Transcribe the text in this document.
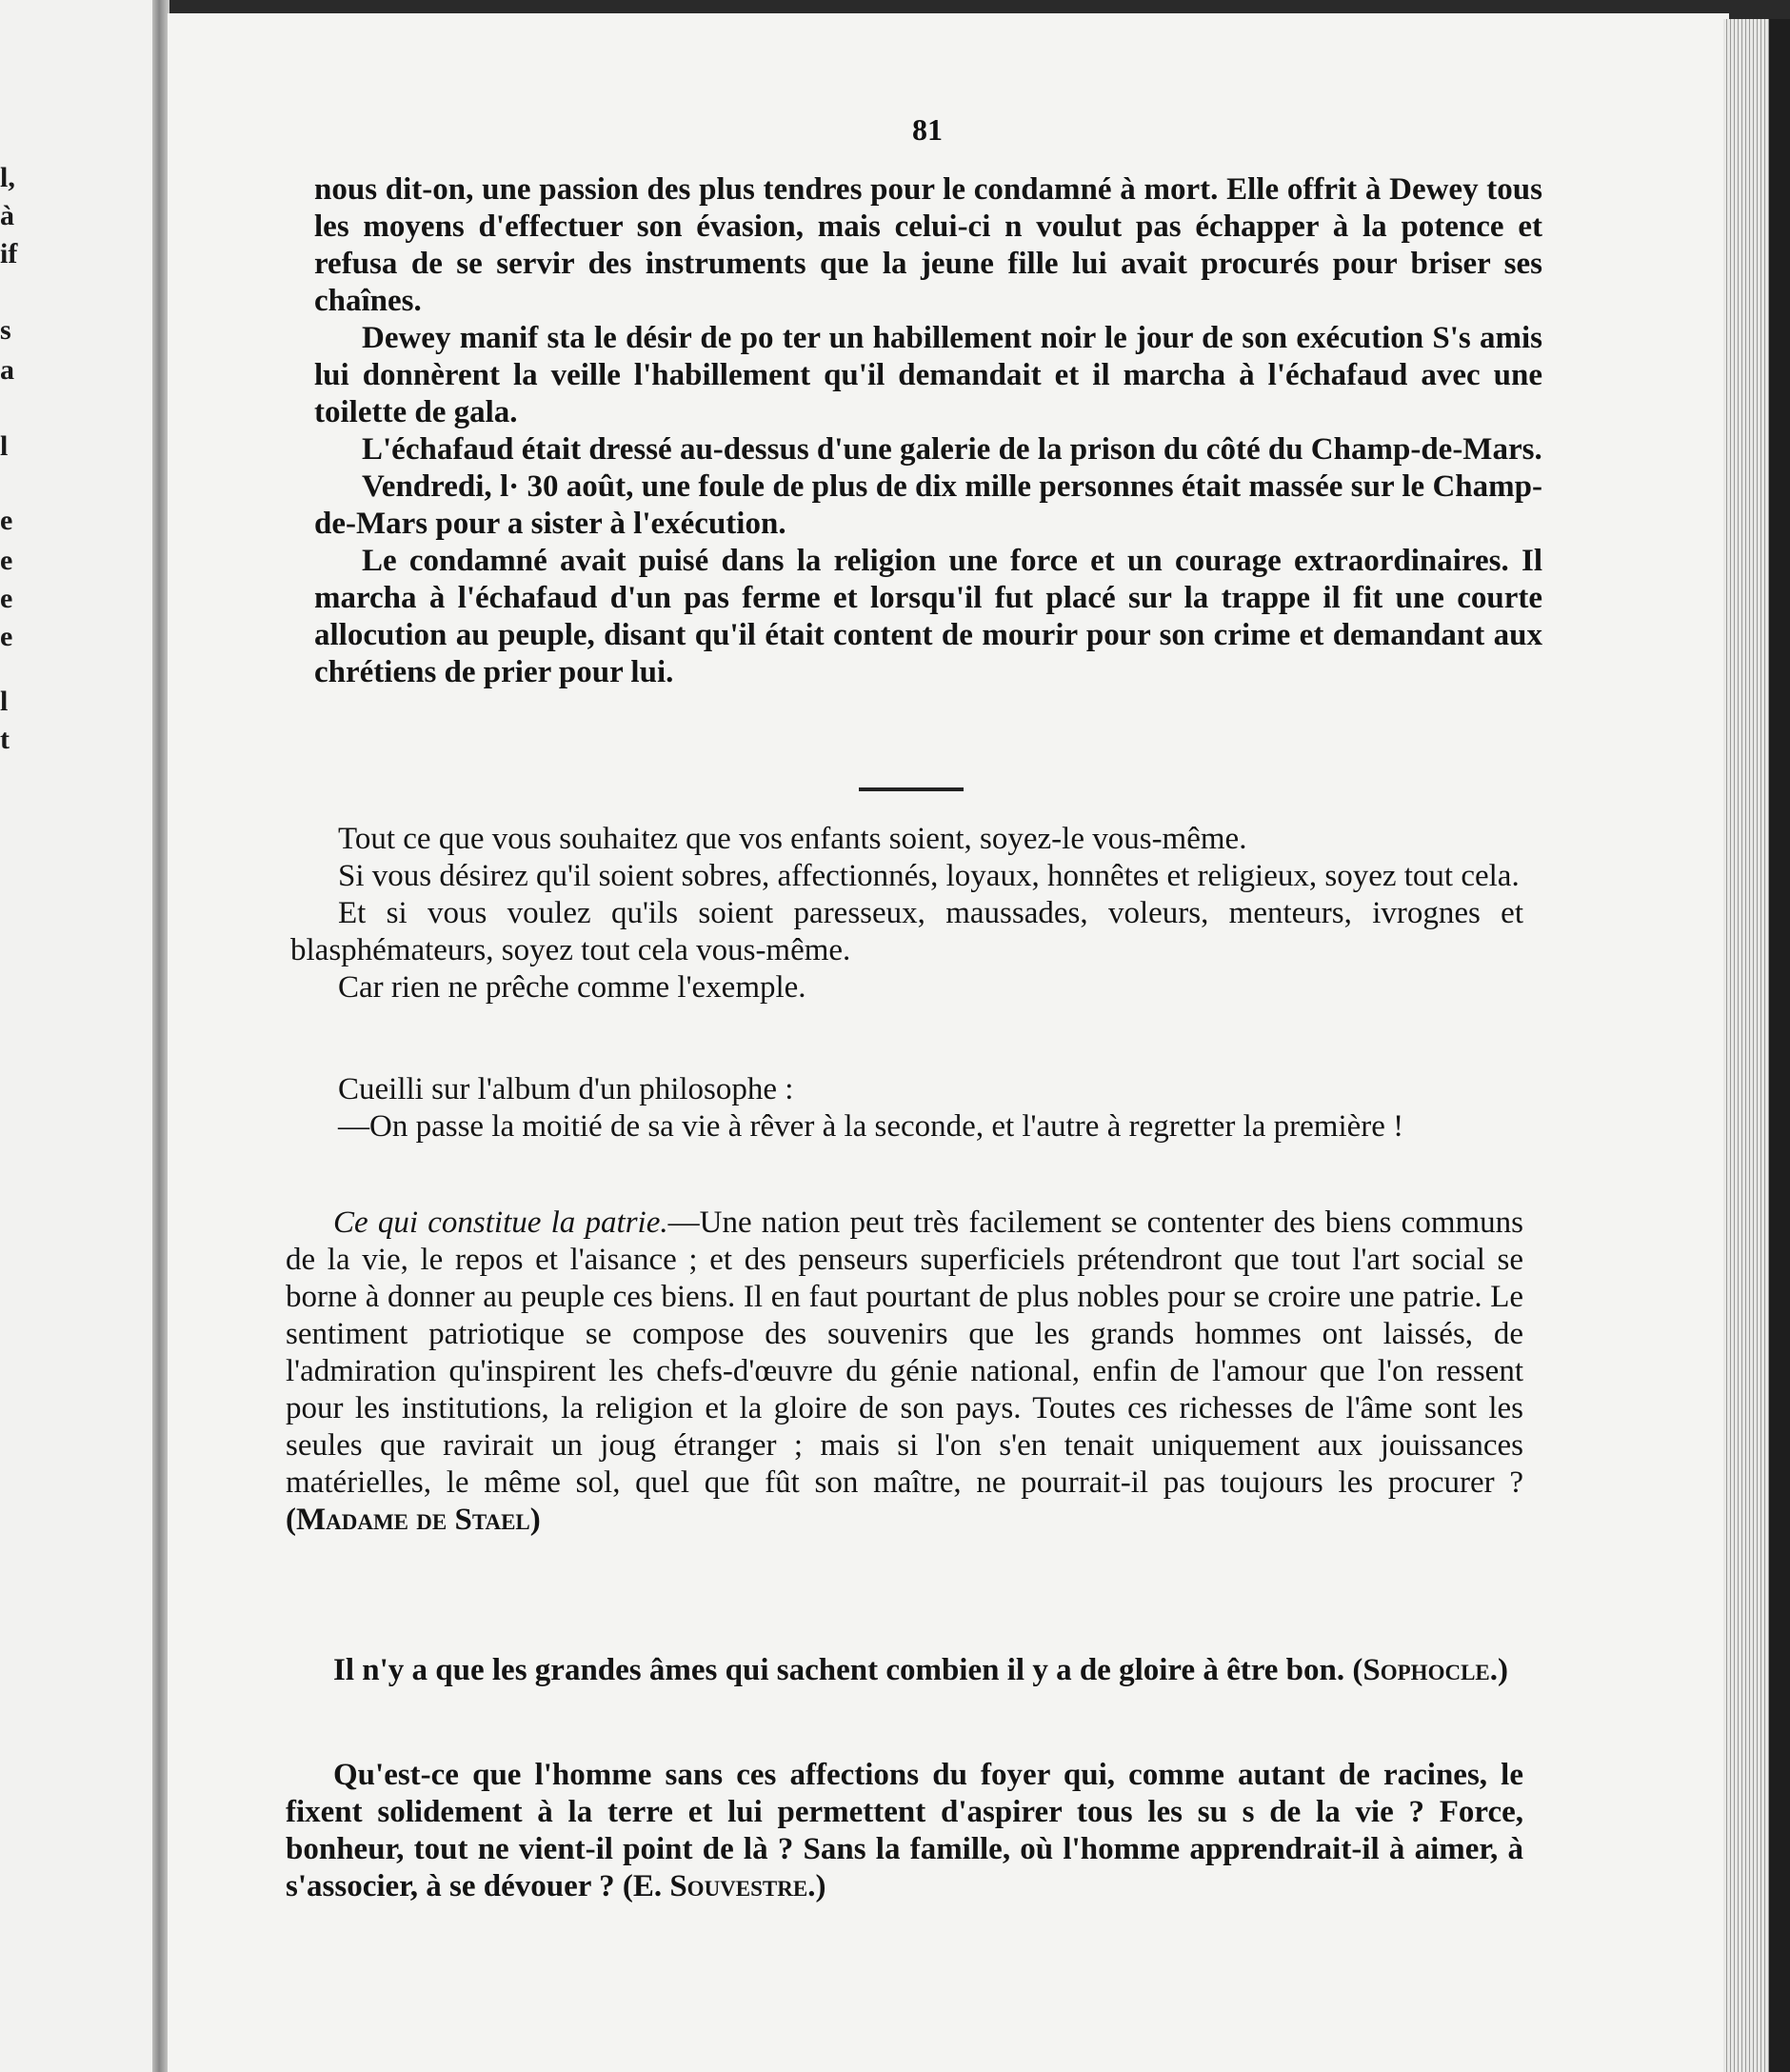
l,
à
if
s
a
l
e
e
e
e
l
t
81

nous dit-on, une passion des plus tendres pour le condamné à mort. Elle offrit à Dewey tous les moyens d'effectuer son évasion, mais celui-ci n voulut pas échapper à la potence et refusa de se servir des instruments que la jeune fille lui avait procurés pour briser ses chaînes.

Dewey manif sta le désir de po ter un habillement noir le jour de son exécution S's amis lui donnèrent la veille l'habillement qu'il demandait et il marcha à l'échafaud avec une toilette de gala.

L'échafaud était dressé au-dessus d'une galerie de la prison du côté du Champ-de-Mars.

Vendredi, l· 30 août, une foule de plus de dix mille personnes était massée sur le Champ-de-Mars pour a sister à l'exécution.

Le condamné avait puisé dans la religion une force et un courage extraordinaires. Il marcha à l'échafaud d'un pas ferme et lorsqu'il fut placé sur la trappe il fit une courte allocution au peuple, disant qu'il était content de mourir pour son crime et demandant aux chrétiens de prier pour lui.

Tout ce que vous souhaitez que vos enfants soient, soyez-le vous-même.

Si vous désirez qu'il soient sobres, affectionnés, loyaux, honnêtes et religieux, soyez tout cela.

Et si vous voulez qu'ils soient paresseux, maussades, voleurs, menteurs, ivrognes et blasphémateurs, soyez tout cela vous-même.

Car rien ne prêche comme l'exemple.

Cueilli sur l'album d'un philosophe :

—On passe la moitié de sa vie à rêver à la seconde, et l'autre à regretter la première !

Ce qui constitue la patrie.—Une nation peut très facilement se contenter des biens communs de la vie, le repos et l'aisance ; et des penseurs superficiels prétendront que tout l'art social se borne à donner au peuple ces biens. Il en faut pourtant de plus nobles pour se croire une patrie. Le sentiment patriotique se compose des souvenirs que les grands hommes ont laissés, de l'admiration qu'inspirent les chefs-d'œuvre du génie national, enfin de l'amour que l'on ressent pour les institutions, la religion et la gloire de son pays. Toutes ces richesses de l'âme sont les seules que ravirait un joug étranger ; mais si l'on s'en tenait uniquement aux jouissances matérielles, le même sol, quel que fût son maître, ne pourrait-il pas toujours les procurer ? (Madame de Stael)

Il n'y a que les grandes âmes qui sachent combien il y a de gloire à être bon. (Sophocle.)

Qu'est-ce que l'homme sans ces affections du foyer qui, comme autant de racines, le fixent solidement à la terre et lui permettent d'aspirer tous les su s de la vie ? Force, bonheur, tout ne vient-il point de là ? Sans la famille, où l'homme apprendrait-il à aimer, à s'associer, à se dévouer ? (E. Souvestre.)
